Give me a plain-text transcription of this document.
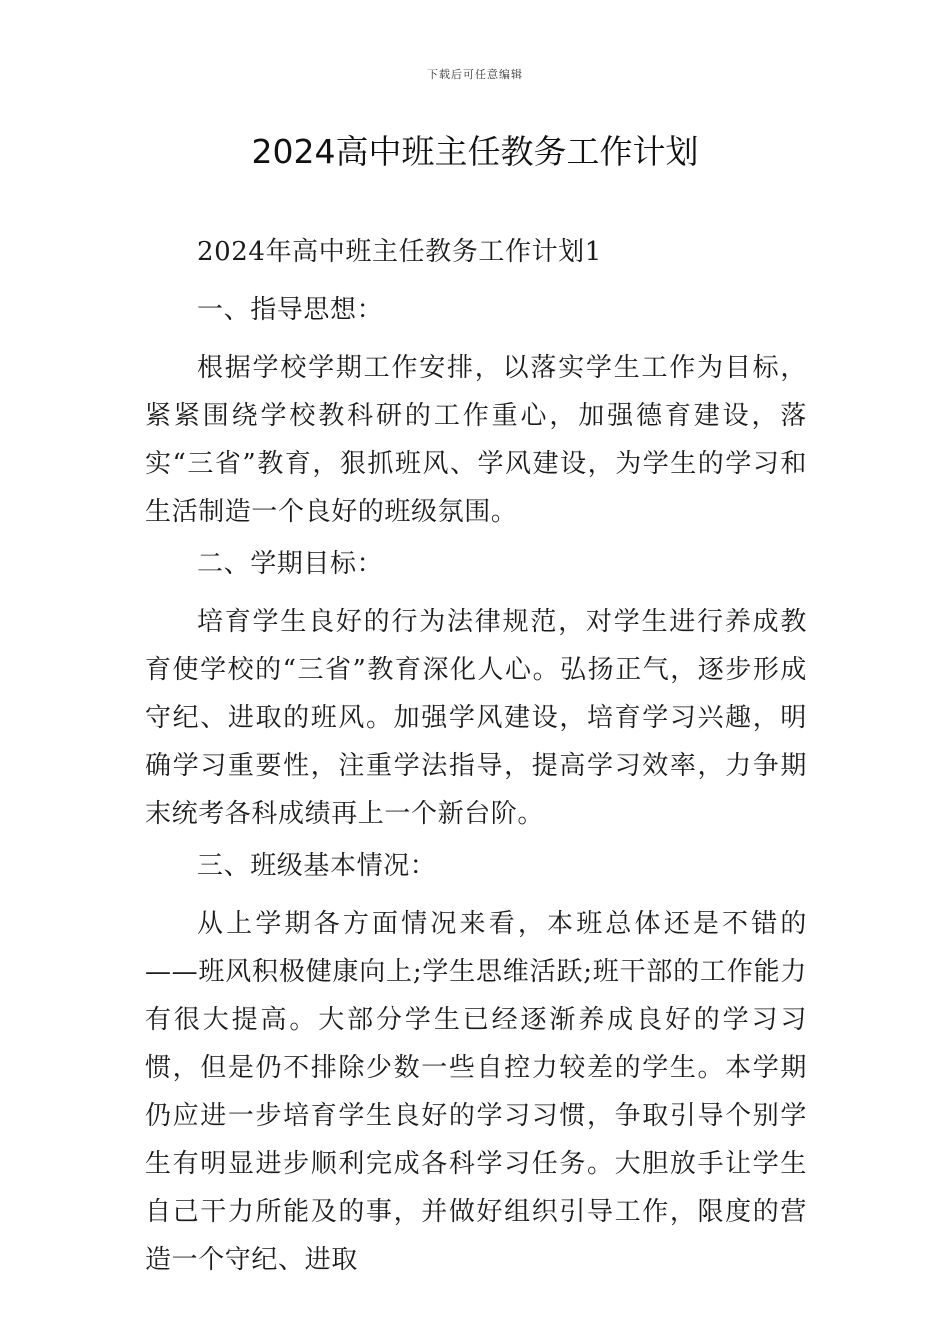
下载后可任意编辑
2024高中班主任教务工作计划

2024年高中班主任教务工作计划1

一、指导思想：

根据学校学期工作安排，以落实学生工作为目标，紧紧围绕学校教科研的工作重心，加强德育建设，落实“三省”教育，狠抓班风、学风建设，为学生的学习和生活制造一个良好的班级氛围。

二、学期目标：

培育学生良好的行为法律规范，对学生进行养成教育使学校的“三省”教育深化人心。弘扬正气，逐步形成守纪、进取的班风。加强学风建设，培育学习兴趣，明确学习重要性，注重学法指导，提高学习效率，力争期末统考各科成绩再上一个新台阶。

三、班级基本情况：

从上学期各方面情况来看，本班总体还是不错的——班风积极健康向上;学生思维活跃;班干部的工作能力有很大提高。大部分学生已经逐渐养成良好的学习习惯，但是仍不排除少数一些自控力较差的学生。本学期仍应进一步培育学生良好的学习习惯，争取引导个别学生有明显进步顺利完成各科学习任务。大胆放手让学生自己干力所能及的事，并做好组织引导工作，限度的营造一个守纪、进取
